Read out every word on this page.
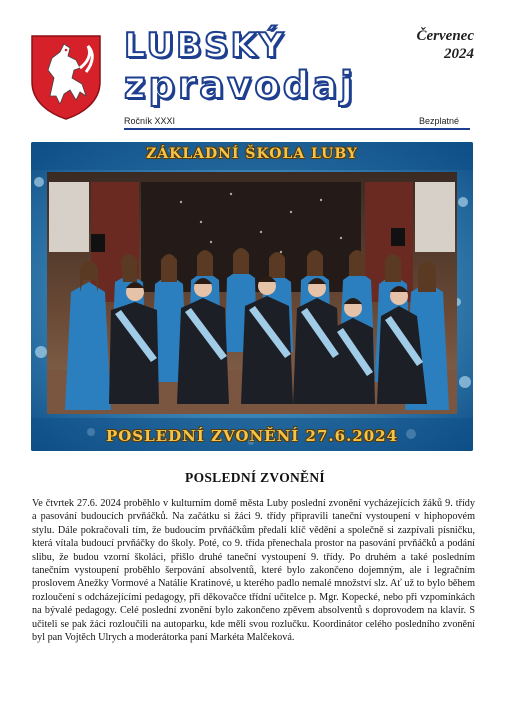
LUBSKÝ
zpravodaj
Červenec
2024
Ročník XXXI	Bezplatné
ZÁKLADNÍ ŠKOLA LUBY
POSLEDNÍ ZVONĚNÍ 27.6.2024
POSLEDNÍ ZVONĚNÍ
Ve čtvrtek 27.6. 2024 proběhlo v kulturním domě města Luby poslední zvonění vycházejících žáků 9. třídy a pasování budoucích prvňáčků. Na začátku si žáci 9. třídy připravili taneční vystoupení v hiphopovém stylu. Dále pokračovali tím, že budoucím prvňáčkům předali klíč vědění a společně si zazpívali písničku, která vítala budoucí prvňáčky do školy. Poté, co 9. třída přenechala prostor na pasování prvňáčků a podání slibu, že budou vzorní školáci, přišlo druhé taneční vystoupení 9. třídy. Po druhém a také posledním tanečním vystoupení proběhlo šerpování absolventů, které bylo zakončeno dojemným, ale i legračním proslovem Anežky Vormové a Natálie Kratinové, u kterého padlo nemalé množství slz. Ať už to bylo během rozloučení s odcházejícími pedagogy, při děkovačce třídní učitelce p. Mgr. Kopecké, nebo při vzpomínkách na bývalé pedagogy. Celé poslední zvonění bylo zakončeno zpěvem absolventů s doprovodem na klavír. S učiteli se pak žáci rozloučili na autoparku, kde měli svou rozlučku. Koordinátor celého posledního zvonění byl pan Vojtěch Ulrych a moderátorka paní Markéta Malčeková.
